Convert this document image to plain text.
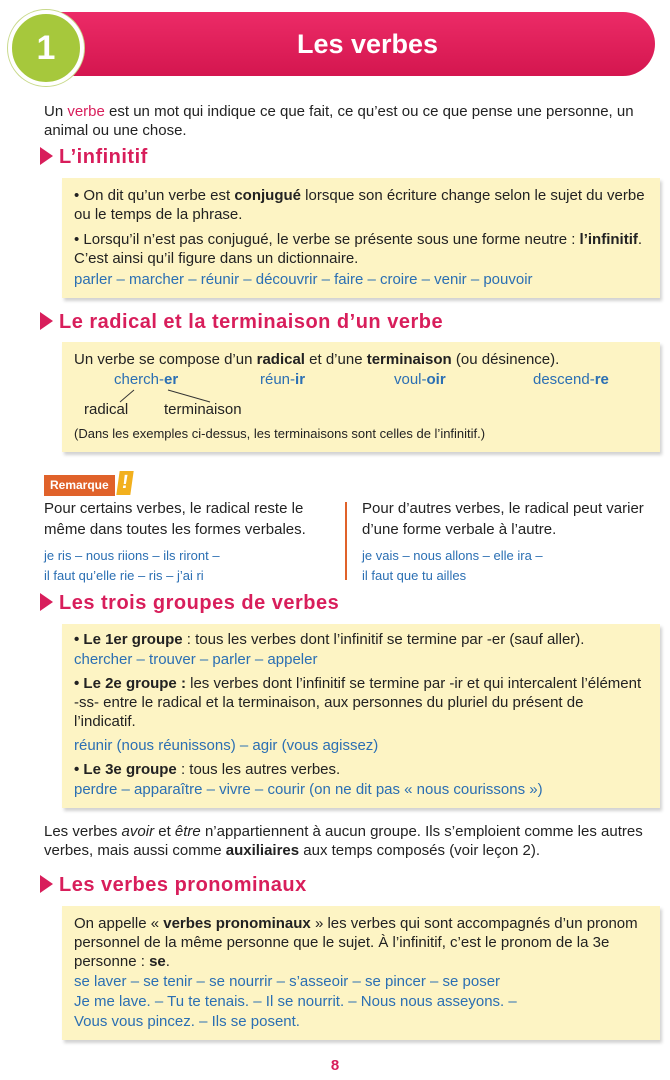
Les verbes
1
Un verbe est un mot qui indique ce que fait, ce qu’est ou ce que pense une personne, un animal ou une chose.
L’infinitif
• On dit qu’un verbe est conjugué lorsque son écriture change selon le sujet du verbe ou le temps de la phrase.
• Lorsqu’il n’est pas conjugué, le verbe se présente sous une forme neutre : l’infinitif. C’est ainsi qu’il figure dans un dictionnaire.
parler – marcher – réunir – découvrir – faire – croire – venir – pouvoir
Le radical et la terminaison d’un verbe
Un verbe se compose d’un radical et d’une terminaison (ou désinence).
cherch-er	réun-ir	voul-oir	descend-re
radical terminaison
(Dans les exemples ci-dessus, les terminaisons sont celles de l’infinitif.)
Remarque !
Pour certains verbes, le radical reste le même dans toutes les formes verbales.
je ris – nous riions – ils riront –
il faut qu’elle rie – ris – j’ai ri
Pour d’autres verbes, le radical peut varier d’une forme verbale à l’autre.
je vais – nous allons – elle ira –
il faut que tu ailles
Les trois groupes de verbes
• Le 1er groupe : tous les verbes dont l’infinitif se termine par -er (sauf aller).
chercher – trouver – parler – appeler
• Le 2e groupe : les verbes dont l’infinitif se termine par -ir et qui intercalent l’élément -ss- entre le radical et la terminaison, aux personnes du pluriel du présent de l’indicatif.
réunir (nous réunissons) – agir (vous agissez)
• Le 3e groupe : tous les autres verbes.
perdre – apparaître – vivre – courir (on ne dit pas « nous courissons »)
Les verbes avoir et être n’appartiennent à aucun groupe. Ils s’emploient comme les autres verbes, mais aussi comme auxiliaires aux temps composés (voir leçon 2).
Les verbes pronominaux
On appelle « verbes pronominaux » les verbes qui sont accompagnés d’un pronom personnel de la même personne que le sujet. À l’infinitif, c’est le pronom de la 3e personne : se.
se laver – se tenir – se nourrir – s’asseoir – se pincer – se poser
Je me lave. – Tu te tenais. – Il se nourrit. – Nous nous asseyons. –
Vous vous pincez. – Ils se posent.
8
